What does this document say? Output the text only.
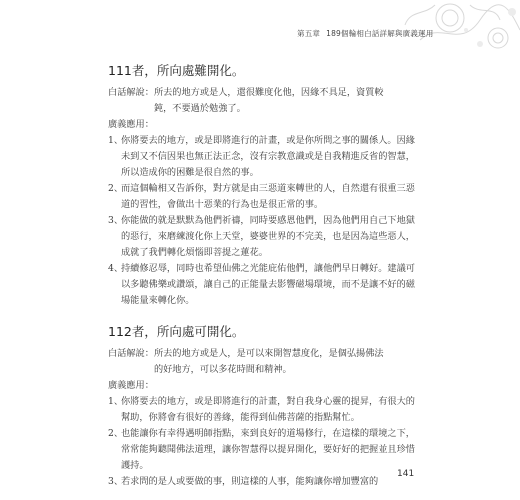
第五章 189個輪相白話詳解與廣義運用
111者，所向處難開化。
白話解說： 所去的地方或是人，還很難度化他，因緣不具足，資質較鈍，不要過於勉強了。
廣義應用：
1、
你將要去的地方，或是即將進行的計畫，或是你所問之事的關係人。因緣未到又不信因果也無正法正念，沒有宗教意識或是自我精進反省的智慧，所以造成你的困難是很自然的事。
2、
而這個輪相又告訴你，對方就是由三惡道來轉世的人，自然還有很重三惡道的習性，會做出十惡業的行為也是很正常的事。
3、
你能做的就是默默為他們祈禱，同時要感恩他們，因為他們用自己下地獄的惡行，來磨練渡化你上天堂，婆婆世界的不完美，也是因為這些惡人，成就了我們轉化煩惱即菩提之蓮花。
4、
持續修忍辱，同時也希望仙佛之光能庇佑他們，讓他們早日轉好。建議可以多聽佛樂或讚頌，讓自己的正能量去影響磁場環境，而不是讓不好的磁場能量來轉化你。
112者，所向處可開化。
白話解說： 所去的地方或是人，是可以來開智慧度化，是個弘揚佛法的好地方，可以多花時間和精神。
廣義應用：
1、
你將要去的地方，或是即將進行的計畫，對自我身心靈的提昇，有很大的幫助，你將會有很好的善緣，能得到仙佛菩薩的指點幫忙。
2、
也能讓你有幸得遇明師指點，來到良好的道場修行，在這樣的環境之下，常常能夠聽聞佛法道理，讓你智慧得以提昇開化，要好好的把握並且珍惜護持。
3、
若求問的是人或要做的事，則這樣的人事，能夠讓你增加豐富的
141
